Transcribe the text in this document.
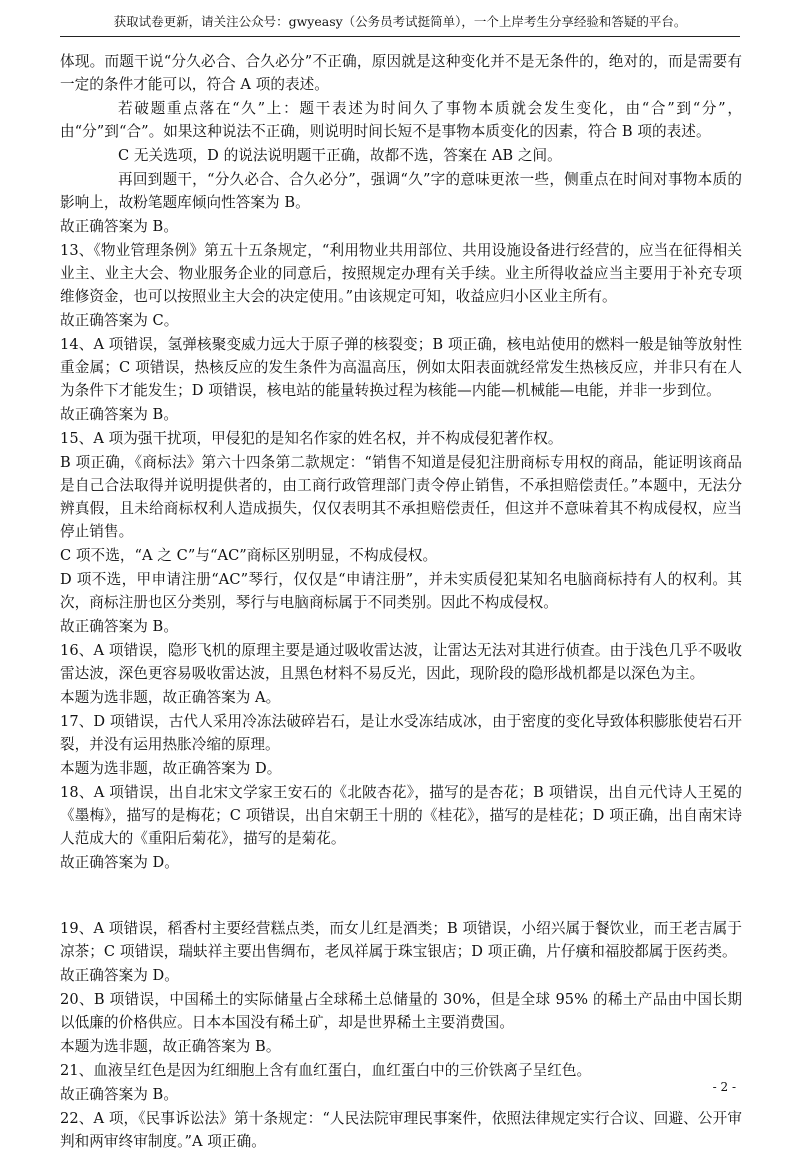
获取试卷更新，请关注公众号：gwyeasy（公务员考试挺简单），一个上岸考生分享经验和答疑的平台。

体现。而题干说“分久必合、合久必分”不正确，原因就是这种变化并不是无条件的，绝对的，而是需要有一定的条件才能可以，符合 A 项的表述。

若破题重点落在“久”上：题干表述为时间久了事物本质就会发生变化，由“合”到“分”，由“分”到“合”。如果这种说法不正确，则说明时间长短不是事物本质变化的因素，符合 B 项的表述。

C 无关选项，D 的说法说明题干正确，故都不选，答案在 AB 之间。

再回到题干，“分久必合、合久必分”，强调“久”字的意味更浓一些，侧重点在时间对事物本质的影响上，故粉笔题库倾向性答案为 B。

故正确答案为 B。

13、《物业管理条例》第五十五条规定，“利用物业共用部位、共用设施设备进行经营的，应当在征得相关业主、业主大会、物业服务企业的同意后，按照规定办理有关手续。业主所得收益应当主要用于补充专项维修资金，也可以按照业主大会的决定使用。”由该规定可知，收益应归小区业主所有。

故正确答案为 C。

14、A 项错误，氢弹核聚变威力远大于原子弹的核裂变；B 项正确，核电站使用的燃料一般是铀等放射性重金属；C 项错误，热核反应的发生条件为高温高压，例如太阳表面就经常发生热核反应，并非只有在人为条件下才能发生；D 项错误，核电站的能量转换过程为核能—内能—机械能—电能，并非一步到位。

故正确答案为 B。

15、A 项为强干扰项，甲侵犯的是知名作家的姓名权，并不构成侵犯著作权。

B 项正确，《商标法》第六十四条第二款规定：“销售不知道是侵犯注册商标专用权的商品，能证明该商品是自己合法取得并说明提供者的，由工商行政管理部门责令停止销售，不承担赔偿责任。”本题中，无法分辨真假，且未给商标权利人造成损失，仅仅表明其不承担赔偿责任，但这并不意味着其不构成侵权，应当停止销售。

C 项不选，“A 之 C”与“AC”商标区别明显，不构成侵权。

D 项不选，甲申请注册“AC”琴行，仅仅是“申请注册”，并未实质侵犯某知名电脑商标持有人的权利。其次，商标注册也区分类别，琴行与电脑商标属于不同类别。因此不构成侵权。

故正确答案为 B。

16、A 项错误，隐形飞机的原理主要是通过吸收雷达波，让雷达无法对其进行侦查。由于浅色几乎不吸收雷达波，深色更容易吸收雷达波，且黑色材料不易反光，因此，现阶段的隐形战机都是以深色为主。

本题为选非题，故正确答案为 A。

17、D 项错误，古代人采用冷冻法破碎岩石，是让水受冻结成冰，由于密度的变化导致体积膨胀使岩石开裂，并没有运用热胀冷缩的原理。

本题为选非题，故正确答案为 D。

18、A 项错误，出自北宋文学家王安石的《北陂杏花》，描写的是杏花；B 项错误，出自元代诗人王冕的《墨梅》，描写的是梅花；C 项错误，出自宋朝王十朋的《桂花》，描写的是桂花；D 项正确，出自南宋诗人范成大的《重阳后菊花》，描写的是菊花。

故正确答案为 D。

19、A 项错误，稻香村主要经营糕点类，而女儿红是酒类；B 项错误，小绍兴属于餐饮业，而王老吉属于凉茶；C 项错误，瑞蚨祥主要出售绸布，老凤祥属于珠宝银店；D 项正确，片仔癀和福胶都属于医药类。

故正确答案为 D。

20、B 项错误，中国稀土的实际储量占全球稀土总储量的 30%，但是全球 95% 的稀土产品由中国长期以低廉的价格供应。日本本国没有稀土矿，却是世界稀土主要消费国。

本题为选非题，故正确答案为 B。

21、血液呈红色是因为红细胞上含有血红蛋白，血红蛋白中的三价铁离子呈红色。

故正确答案为 B。

22、A 项，《民事诉讼法》第十条规定：“人民法院审理民事案件，依照法律规定实行合议、回避、公开审判和两审终审制度。”A 项正确。

- 2 -
